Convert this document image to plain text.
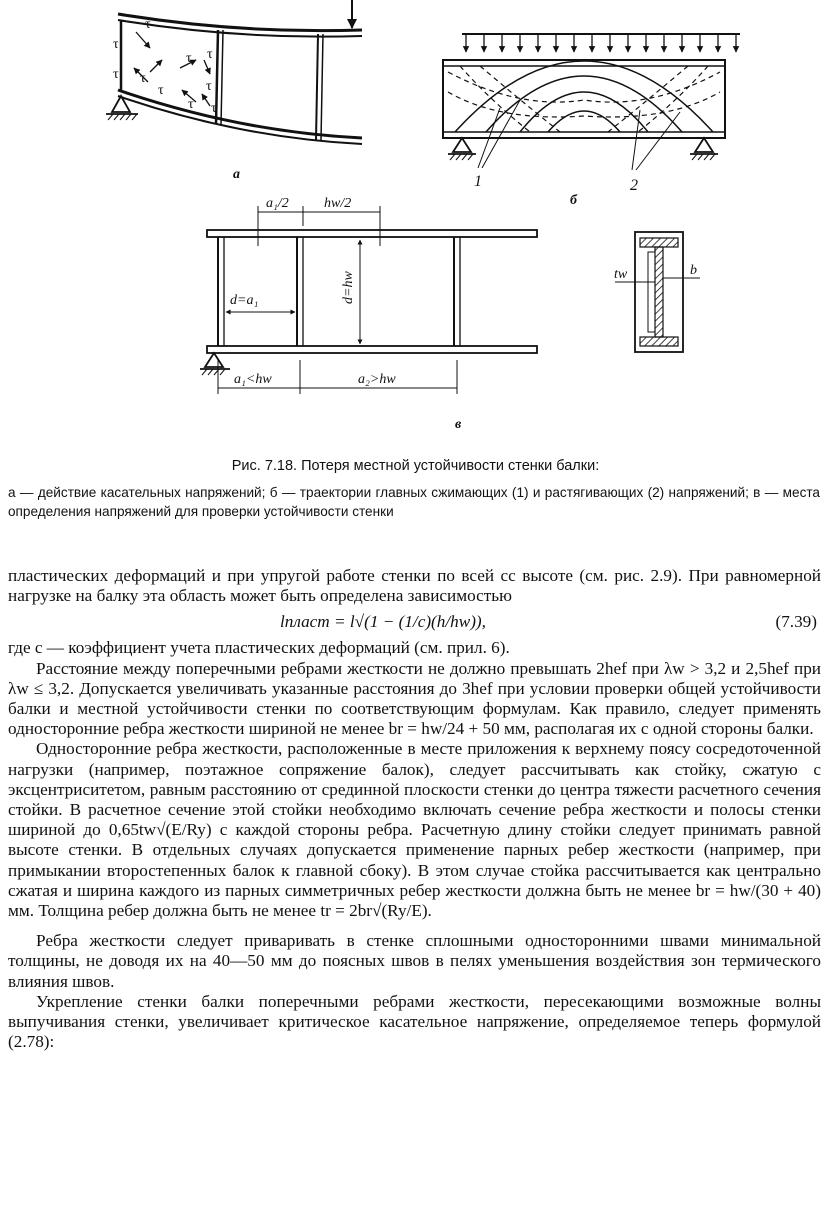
τ
τ
τ τ
τ
τ τ
τ
τ τ
а	1	2
б
a₁/2	hw/2
d=a₁	d=hw
a₁<hw	a₂>hw
в
tw	b
Рис. 7.18. Потеря местной устойчивости стенки балки:
а — действие касательных напряжений; б — траектории главных сжимающих (1) и растягивающих (2) напряжений; в — места определения напряжений для проверки устойчивости стенки

пластических деформаций и при упругой работе стенки по всей сс высоте (см. рис. 2.9). При равномерной нагрузке на балку эта область может быть определена зависимостью

lпласт = l√(1 − (1/c)(h/hw)),	(7.39)

где с — коэффициент учета пластических деформаций (см. прил. 6).

Расстояние между поперечными ребрами жесткости не должно превышать 2hef при λw > 3,2 и 2,5hef при λw ≤ 3,2. Допускается увеличивать указанные расстояния до 3hef при условии проверки общей устойчивости балки и местной устойчивости стенки по соответствующим формулам. Как правило, следует применять односторонние ребра жесткости шириной не менее br = hw/24 + 50 мм, располагая их с одной стороны балки.

Односторонние ребра жесткости, расположенные в месте приложения к верхнему поясу сосредоточенной нагрузки (например, поэтажное сопряжение балок), следует рассчитывать как стойку, сжатую с эксцентриситетом, равным расстоянию от срединной плоскости стенки до центра тяжести расчетного сечения стойки. В расчетное сечение этой стойки необходимо включать сечение ребра жесткости и полосы стенки шириной до 0,65tw√(E/Ry) с каждой стороны ребра. Расчетную длину стойки следует принимать равной высоте стенки. В отдельных случаях допускается применение парных ребер жесткости (например, при примыкании второстепенных балок к главной сбоку). В этом случае стойка рассчитывается как центрально сжатая и ширина каждого из парных симметричных ребер жесткости должна быть не менее br = hw/(30 + 40) мм. Толщина ребер должна быть не менее tr = 2br√(Ry/E).

Ребра жесткости следует приваривать в стенке сплошными односторонними швами минимальной толщины, не доводя их на 40—50 мм до поясных швов в пелях уменьшения воздействия зон термического влияния швов.

Укрепление стенки балки поперечными ребрами жесткости, пересекающими возможные волны выпучивания стенки, увеличивает критическое касательное напряжение, определяемое теперь формулой (2.78):
